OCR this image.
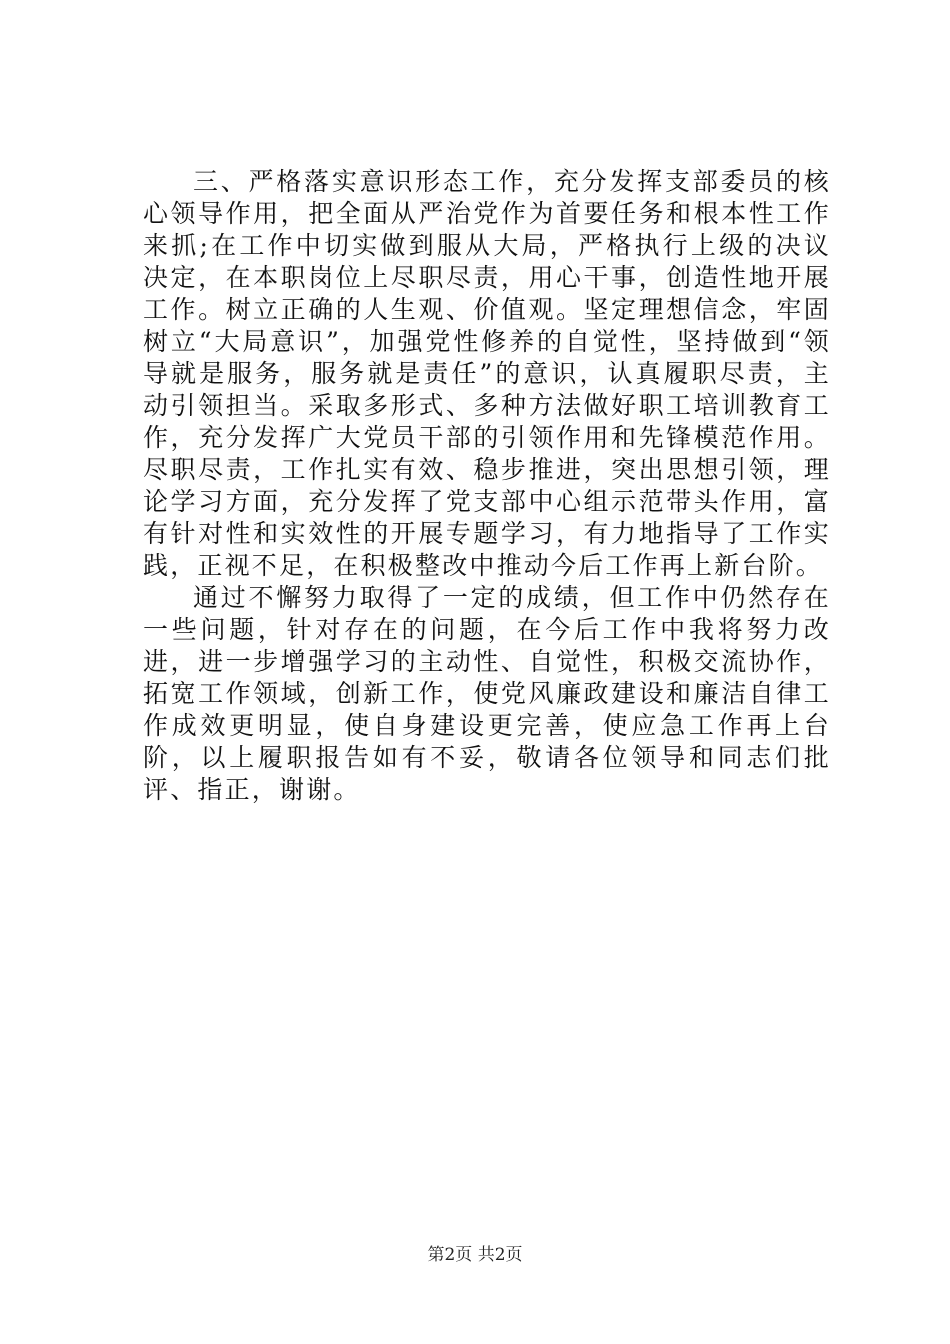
三、严格落实意识形态工作，充分发挥支部委员的核心领导作用，把全面从严治党作为首要任务和根本性工作来抓;在工作中切实做到服从大局，严格执行上级的决议决定，在本职岗位上尽职尽责，用心干事，创造性地开展工作。树立正确的人生观、价值观。坚定理想信念，牢固树立“大局意识”，加强党性修养的自觉性，坚持做到“领导就是服务，服务就是责任”的意识，认真履职尽责，主动引领担当。采取多形式、多种方法做好职工培训教育工作，充分发挥广大党员干部的引领作用和先锋模范作用。尽职尽责，工作扎实有效、稳步推进，突出思想引领，理论学习方面，充分发挥了党支部中心组示范带头作用，富有针对性和实效性的开展专题学习，有力地指导了工作实践，正视不足，在积极整改中推动今后工作再上新台阶。

通过不懈努力取得了一定的成绩，但工作中仍然存在一些问题，针对存在的问题，在今后工作中我将努力改进，进一步增强学习的主动性、自觉性，积极交流协作，拓宽工作领域，创新工作，使党风廉政建设和廉洁自律工作成效更明显，使自身建设更完善，使应急工作再上台阶，以上履职报告如有不妥，敬请各位领导和同志们批评、指正，谢谢。

第2页 共2页
